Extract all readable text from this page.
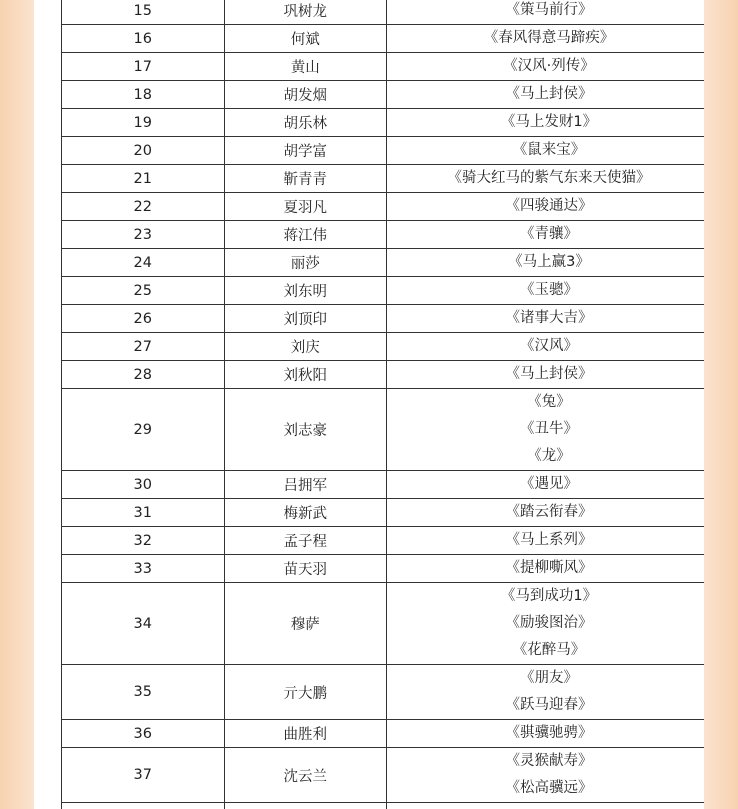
15	巩树龙	《策马前行》

16	何斌	《春风得意马蹄疾》

17	黄山	《汉风·列传》

18	胡发烟	《马上封侯》

19	胡乐林	《马上发财1》

20	胡学富	《鼠来宝》

21	靳青青	《骑大红马的紫气东来天使猫》

22	夏羽凡	《四骏通达》

23	蒋江伟	《青骧》

24	丽莎	《马上赢3》

25	刘东明	《玉骢》

26	刘顶印	《诸事大吉》

27	刘庆	《汉风》

28	刘秋阳	《马上封侯》

29	刘志豪	《兔》
《丑牛》
《龙》

30	吕拥军	《遇见》

31	梅新武	《踏云衔春》

32	孟子程	《马上系列》

33	苗天羽	《提柳嘶风》

34	穆萨	《马到成功1》
《励骏图治》
《花醉马》

35	亓大鹏	《朋友》
《跃马迎春》

36	曲胜利	《骐骥驰骋》

37	沈云兰	《灵猴献寿》
《松高骥远》
